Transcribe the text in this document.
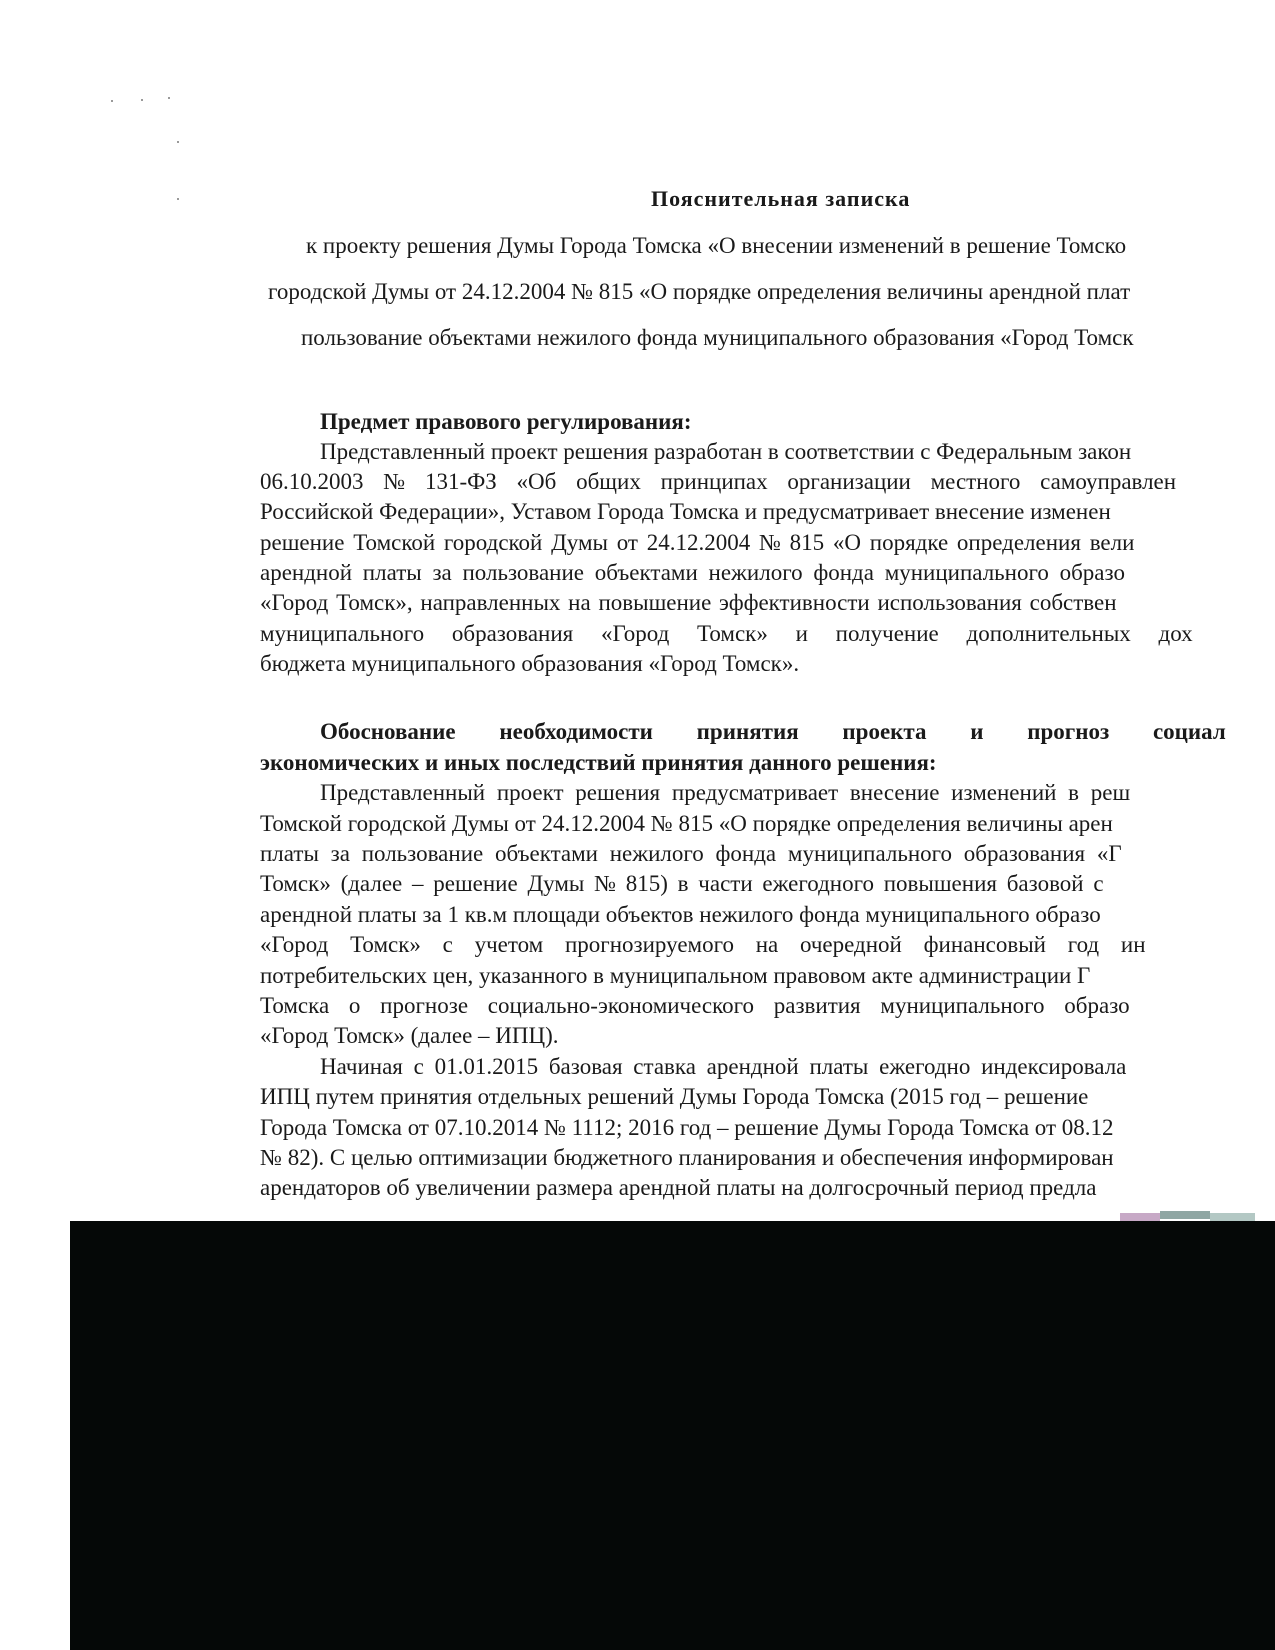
Пояснительная записка
к проекту решения Думы Города Томска «О внесении изменений в решение Томско
городской Думы от 24.12.2004 № 815 «О порядке определения величины арендной плат
пользование объектами нежилого фонда муниципального образования «Город Томск
Предмет правового регулирования:
Представленный проект решения разработан в соответствии с Федеральным закон
06.10.2003 № 131-ФЗ «Об общих принципах организации местного самоуправлен
Российской Федерации», Уставом Города Томска и предусматривает внесение изменен
решение Томской городской Думы от 24.12.2004 № 815 «О порядке определения вели
арендной платы за пользование объектами нежилого фонда муниципального образо
«Город Томск», направленных на повышение эффективности использования собствен
муниципального образования «Город Томск» и получение дополнительных дох
бюджета муниципального образования «Город Томск».
Обоснование необходимости принятия проекта и прогноз социал
экономических и иных последствий принятия данного решения:
Представленный проект решения предусматривает внесение изменений в реш
Томской городской Думы от 24.12.2004 № 815 «О порядке определения величины арен
платы за пользование объектами нежилого фонда муниципального образования «Г
Томск» (далее – решение Думы № 815) в части ежегодного повышения базовой с
арендной платы за 1 кв.м площади объектов нежилого фонда муниципального образо
«Город Томск» с учетом прогнозируемого на очередной финансовый год ин
потребительских цен, указанного в муниципальном правовом акте администрации Г
Томска о прогнозе социально-экономического развития муниципального образо
«Город Томск» (далее – ИПЦ).
Начиная с 01.01.2015 базовая ставка арендной платы ежегодно индексировала
ИПЦ путем принятия отдельных решений Думы Города Томска (2015 год – решение
Города Томска от 07.10.2014 № 1112; 2016 год – решение Думы Города Томска от 08.12
№ 82). С целью оптимизации бюджетного планирования и обеспечения информирован
арендаторов об увеличении размера арендной платы на долгосрочный период предла
